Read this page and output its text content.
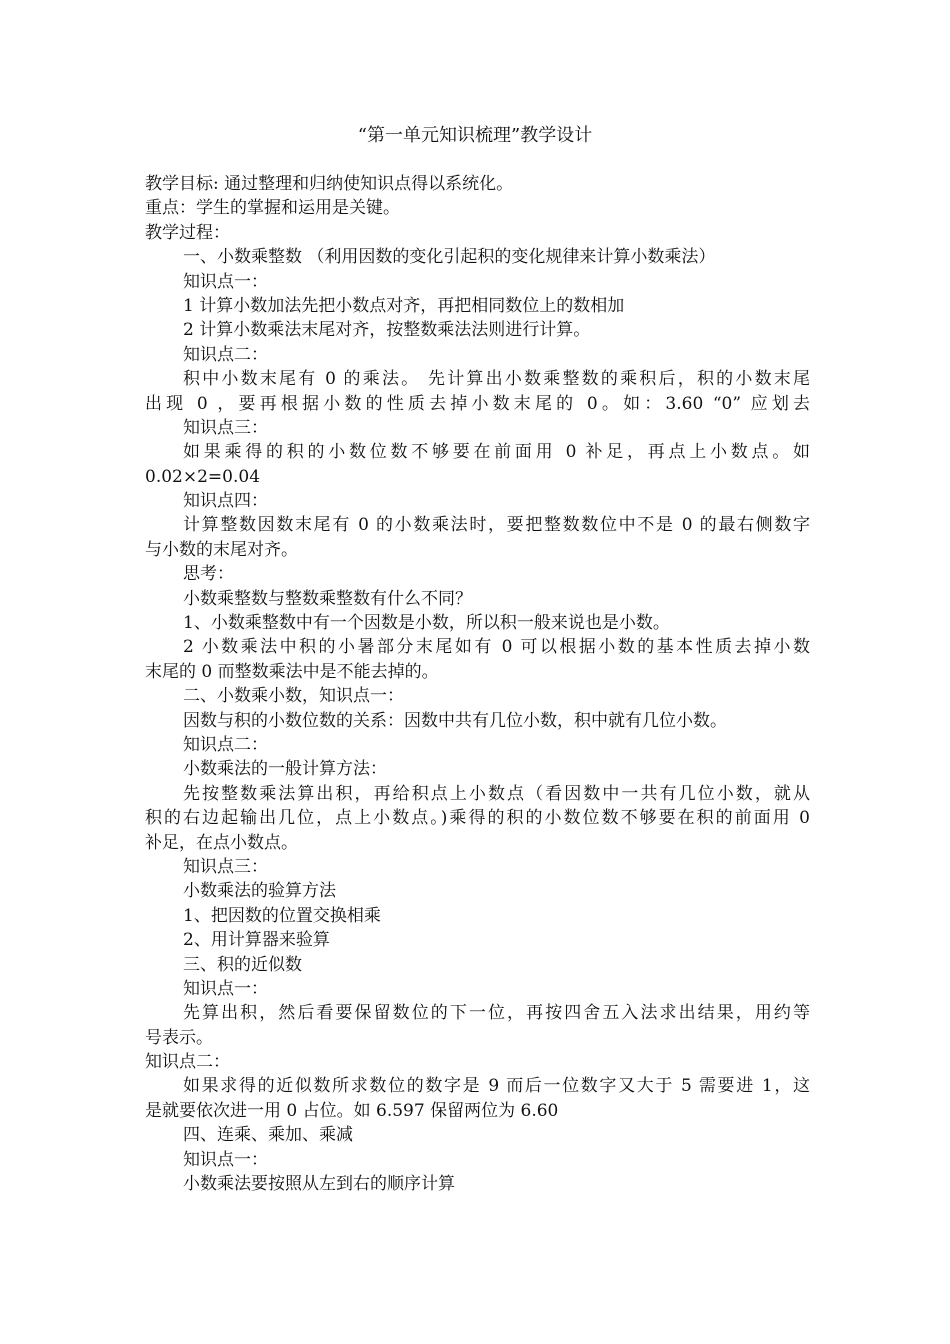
“第一单元知识梳理”教学设计
教学目标: 通过整理和归纳使知识点得以系统化。
重点：学生的掌握和运用是关键。
教学过程：
一、小数乘整数 （利用因数的变化引起积的变化规律来计算小数乘法）
知识点一：
1 计算小数加法先把小数点对齐，再把相同数位上的数相加
2 计算小数乘法末尾对齐，按整数乘法法则进行计算。
知识点二：
积中小数末尾有 0 的乘法。 先计算出小数乘整数的乘积后，积的小数末尾
出现 0 ，要再根据小数的性质去掉小数末尾的 0。如：3.60 “0” 应划去
知识点三：
如果乘得的积的小数位数不够要在前面用 0 补足，再点上小数点。如
0.02×2=0.04
知识点四：
计算整数因数末尾有 0 的小数乘法时，要把整数数位中不是 0 的最右侧数字
与小数的末尾对齐。
思考：
小数乘整数与整数乘整数有什么不同？
1、小数乘整数中有一个因数是小数，所以积一般来说也是小数。
2 小数乘法中积的小暑部分末尾如有 0 可以根据小数的基本性质去掉小数
末尾的 0 而整数乘法中是不能去掉的。
二、小数乘小数，知识点一：
因数与积的小数位数的关系：因数中共有几位小数，积中就有几位小数。
知识点二：
小数乘法的一般计算方法：
先按整数乘法算出积，再给积点上小数点（看因数中一共有几位小数，就从
积的右边起输出几位，点上小数点。)乘得的积的小数位数不够要在积的前面用 0
补足，在点小数点。
知识点三：
小数乘法的验算方法
1、把因数的位置交换相乘
2、用计算器来验算
三、积的近似数
知识点一：
先算出积，然后看要保留数位的下一位，再按四舍五入法求出结果，用约等
号表示。
知识点二：
如果求得的近似数所求数位的数字是 9 而后一位数字又大于 5 需要进 1，这
是就要依次进一用 0 占位。如 6.597 保留两位为 6.60
四、连乘、乘加、乘减
知识点一：
小数乘法要按照从左到右的顺序计算
